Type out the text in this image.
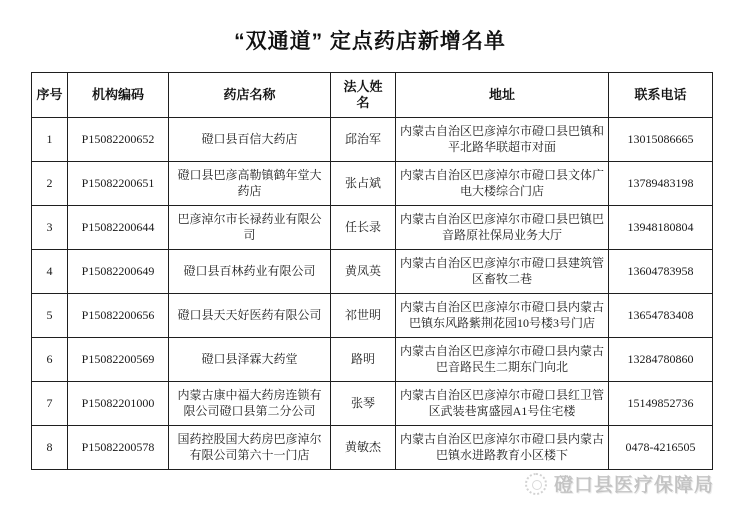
“双通道” 定点药店新增名单
序号	机构编码	药店名称	法人姓名	地址	联系电话
1	P15082200652	磴口县百信大药店	邱治军	内蒙古自治区巴彦淖尔市磴口县巴镇和平北路华联超市对面	13015086665
2	P15082200651	磴口县巴彦高勒镇鹤年堂大药店	张占斌	内蒙古自治区巴彦淖尔市磴口县文体广电大楼综合门店	13789483198
3	P15082200644	巴彦淖尔市长禄药业有限公司	任长录	内蒙古自治区巴彦淖尔市磴口县巴镇巴音路原社保局业务大厅	13948180804
4	P15082200649	磴口县百林药业有限公司	黄凤英	内蒙古自治区巴彦淖尔市磴口县建筑管区畜牧二巷	13604783958
5	P15082200656	磴口县天天好医药有限公司	祁世明	内蒙古自治区巴彦淖尔市磴口县内蒙古巴镇东风路紫荆花园10号楼3号门店	13654783408
6	P15082200569	磴口县泽霖大药堂	路明	内蒙古自治区巴彦淖尔市磴口县内蒙古巴音路民生二期东门向北	13284780860
7	P15082201000	内蒙古康中福大药房连锁有限公司磴口县第二分公司	张琴	内蒙古自治区巴彦淖尔市磴口县红卫管区武装巷寓盛园A1号住宅楼	15149852736
8	P15082200578	国药控股国大药房巴彦淖尔有限公司第六十一门店	黄敏杰	内蒙古自治区巴彦淖尔市磴口县内蒙古巴镇水进路教育小区楼下	0478-4216505
磴口县医疗保障局
